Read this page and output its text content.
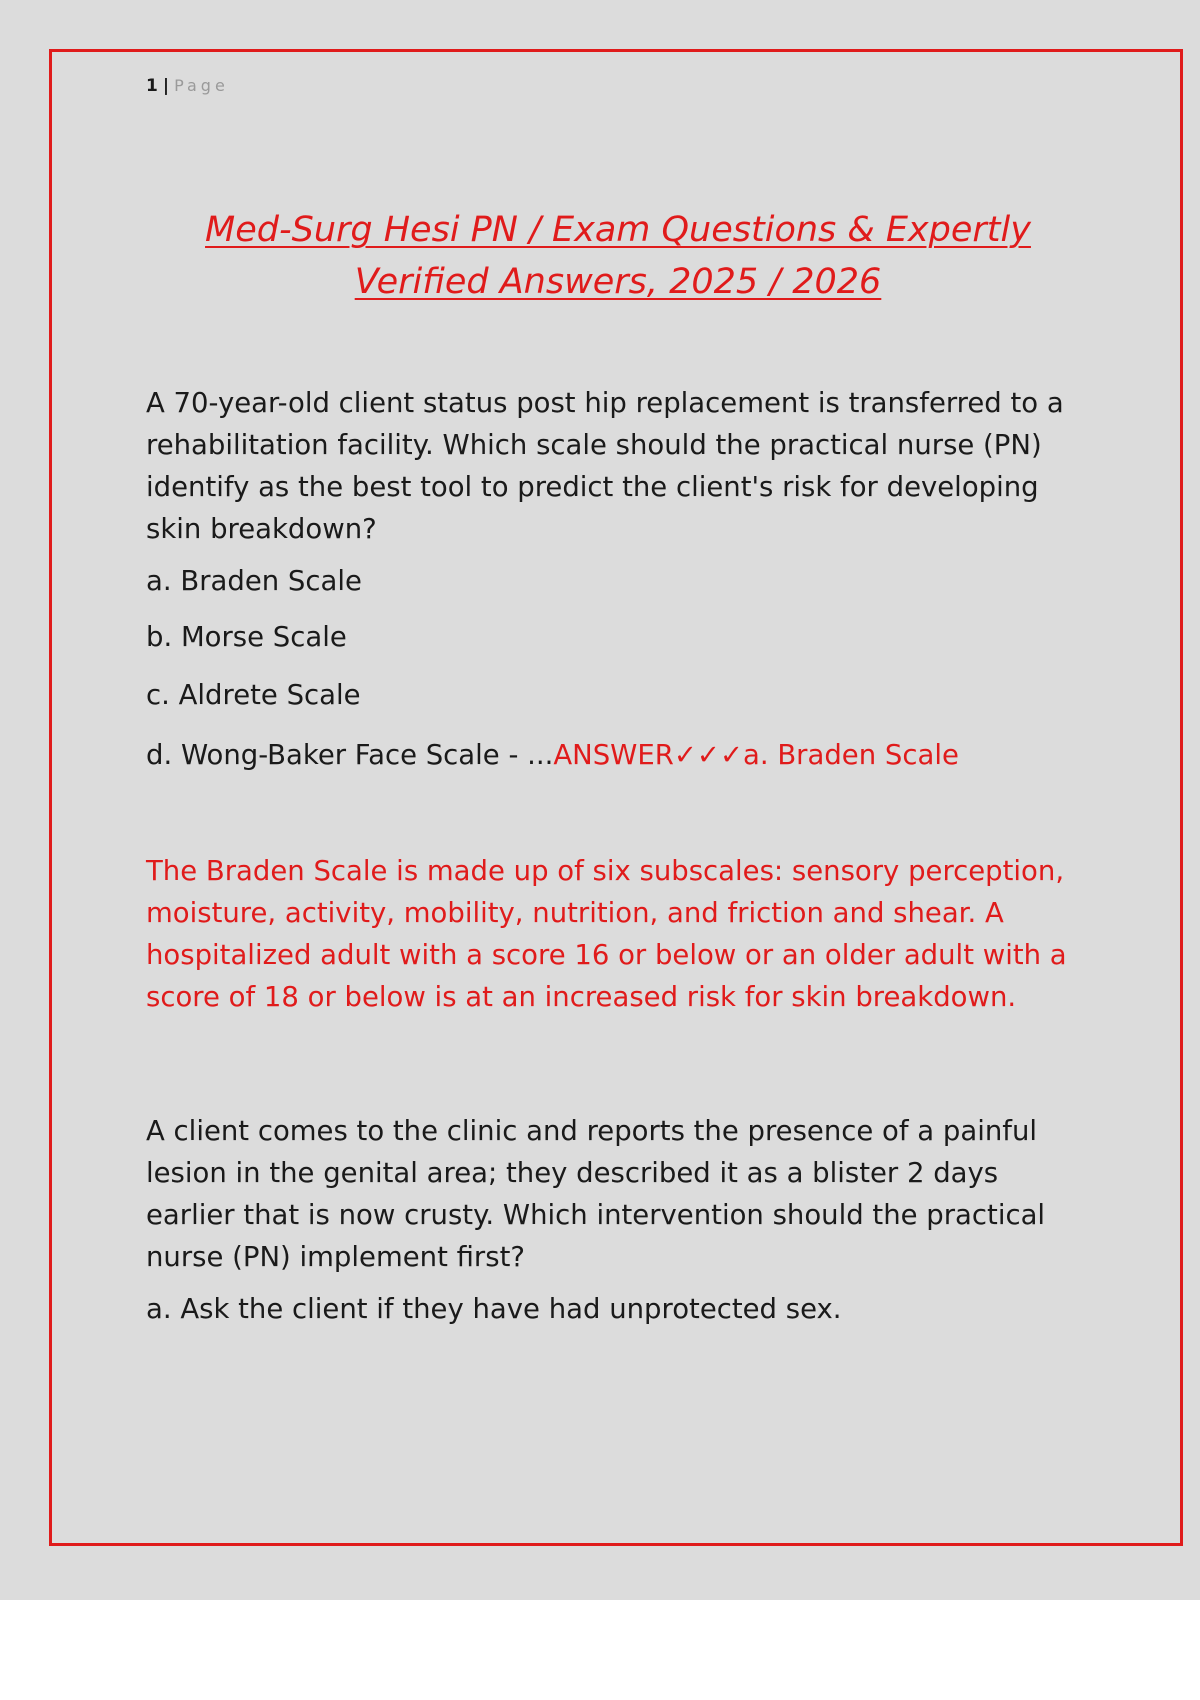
1 | Page
Med-Surg Hesi PN / Exam Questions & Expertly
Verified Answers, 2025 / 2026

A 70-year-old client status post hip replacement is transferred to a rehabilitation facility. Which scale should the practical nurse (PN) identify as the best tool to predict the client's risk for developing skin breakdown?

a. Braden Scale

b. Morse Scale

c. Aldrete Scale

d. Wong-Baker Face Scale - ...ANSWER✓✓✓a. Braden Scale

The Braden Scale is made up of six subscales: sensory perception, moisture, activity, mobility, nutrition, and friction and shear. A hospitalized adult with a score 16 or below or an older adult with a score of 18 or below is at an increased risk for skin breakdown.

A client comes to the clinic and reports the presence of a painful lesion in the genital area; they described it as a blister 2 days earlier that is now crusty. Which intervention should the practical nurse (PN) implement first?

a. Ask the client if they have had unprotected sex.
